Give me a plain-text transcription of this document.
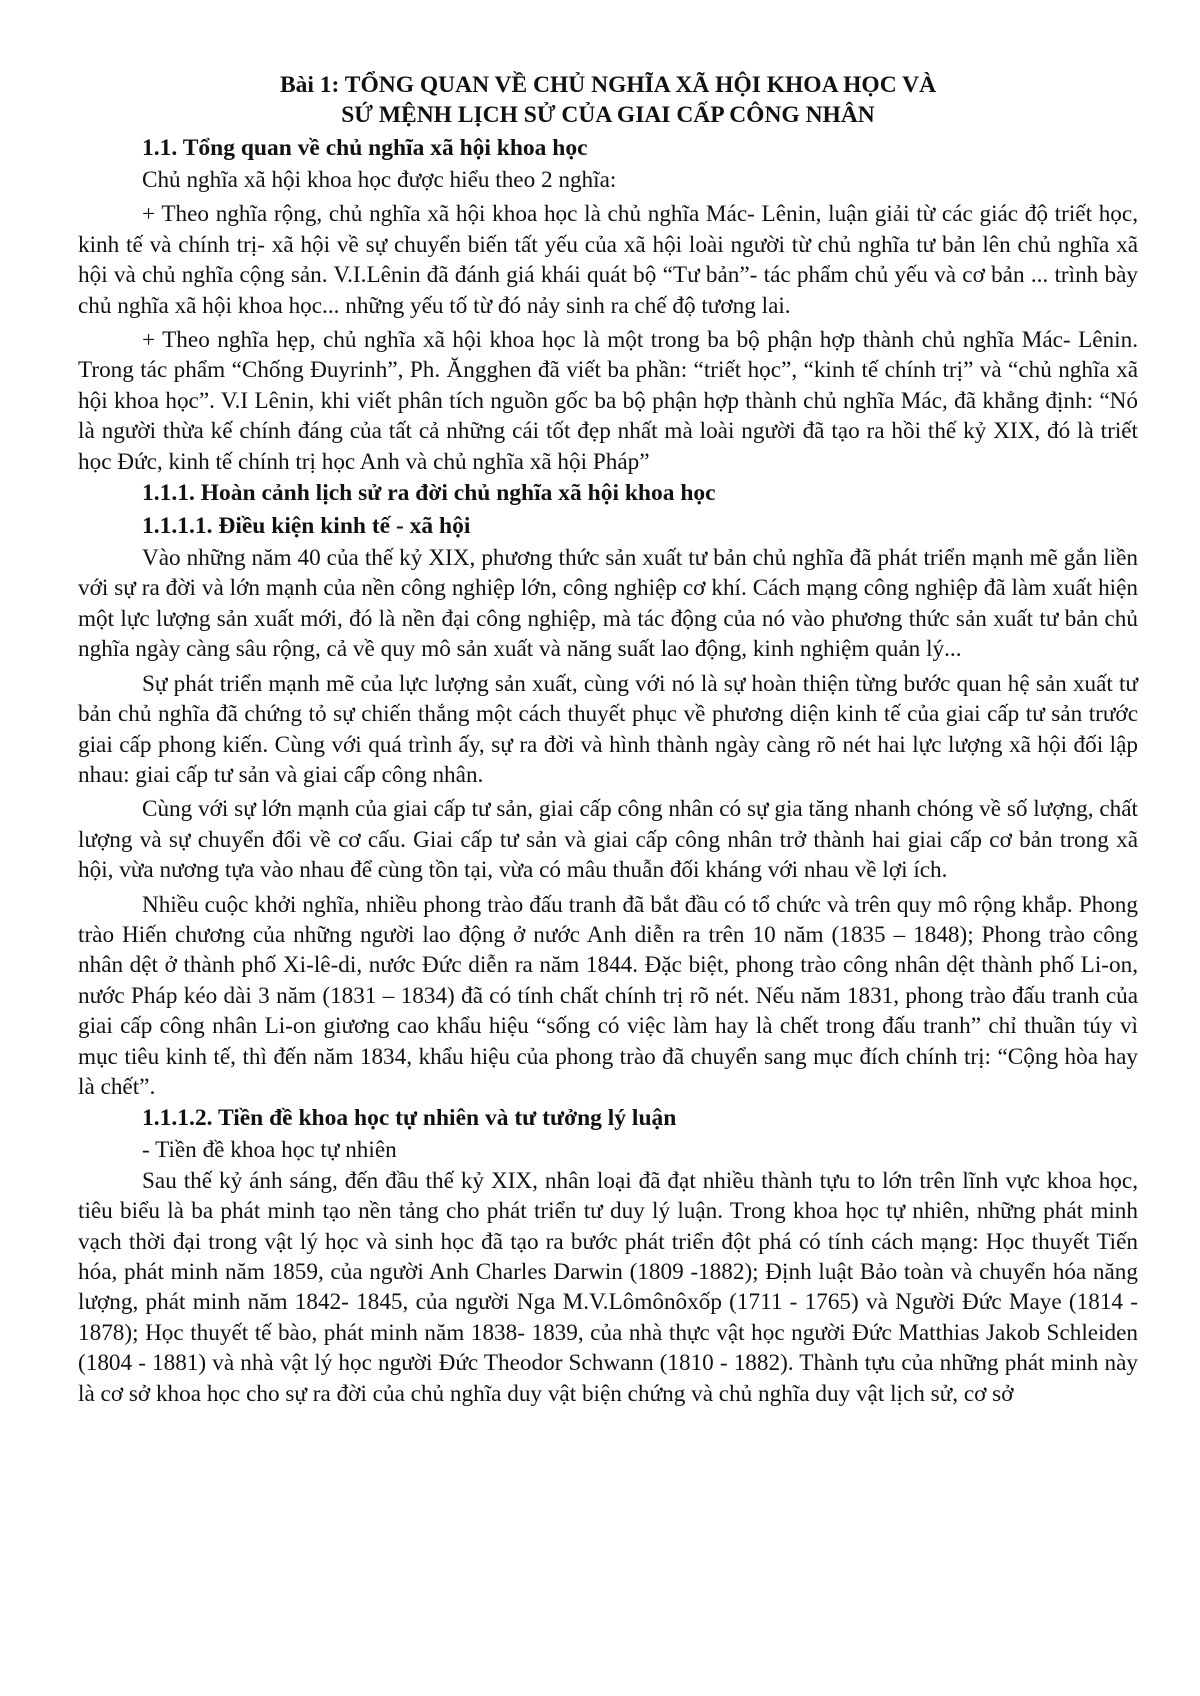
Bài 1: TỔNG QUAN VỀ CHỦ NGHĨA XÃ HỘI KHOA HỌC VÀ
SỨ MỆNH LỊCH SỬ CỦA GIAI CẤP CÔNG NHÂN
1.1. Tổng quan về chủ nghĩa xã hội khoa học

Chủ nghĩa xã hội khoa học được hiểu theo 2 nghĩa:

+ Theo nghĩa rộng, chủ nghĩa xã hội khoa học là chủ nghĩa Mác- Lênin, luận giải từ các giác độ triết học, kinh tế và chính trị- xã hội về sự chuyển biến tất yếu của xã hội loài người từ chủ nghĩa tư bản lên chủ nghĩa xã hội và chủ nghĩa cộng sản. V.I.Lênin đã đánh giá khái quát bộ “Tư bản”- tác phẩm chủ yếu và cơ bản ... trình bày chủ nghĩa xã hội khoa học... những yếu tố từ đó nảy sinh ra chế độ tương lai.

+ Theo nghĩa hẹp, chủ nghĩa xã hội khoa học là một trong ba bộ phận hợp thành chủ nghĩa Mác- Lênin. Trong tác phẩm “Chống Đuyrinh”, Ph. Ăngghen đã viết ba phần: “triết học”, “kinh tế chính trị” và “chủ nghĩa xã hội khoa học”. V.I Lênin, khi viết phân tích nguồn gốc ba bộ phận hợp thành chủ nghĩa Mác, đã khẳng định: “Nó là người thừa kế chính đáng của tất cả những cái tốt đẹp nhất mà loài người đã tạo ra hồi thế kỷ XIX, đó là triết học Đức, kinh tế chính trị học Anh và chủ nghĩa xã hội Pháp”

1.1.1. Hoàn cảnh lịch sử ra đời chủ nghĩa xã hội khoa học
1.1.1.1. Điều kiện kinh tế - xã hội

Vào những năm 40 của thế kỷ XIX, phương thức sản xuất tư bản chủ nghĩa đã phát triển mạnh mẽ gắn liền với sự ra đời và lớn mạnh của nền công nghiệp lớn, công nghiệp cơ khí. Cách mạng công nghiệp đã làm xuất hiện một lực lượng sản xuất mới, đó là nền đại công nghiệp, mà tác động của nó vào phương thức sản xuất tư bản chủ nghĩa ngày càng sâu rộng, cả về quy mô sản xuất và năng suất lao động, kinh nghiệm quản lý...

Sự phát triển mạnh mẽ của lực lượng sản xuất, cùng với nó là sự hoàn thiện từng bước quan hệ sản xuất tư bản chủ nghĩa đã chứng tỏ sự chiến thắng một cách thuyết phục về phương diện kinh tế của giai cấp tư sản trước giai cấp phong kiến. Cùng với quá trình ấy, sự ra đời và hình thành ngày càng rõ nét hai lực lượng xã hội đối lập nhau: giai cấp tư sản và giai cấp công nhân.

Cùng với sự lớn mạnh của giai cấp tư sản, giai cấp công nhân có sự gia tăng nhanh chóng về số lượng, chất lượng và sự chuyển đổi về cơ cấu. Giai cấp tư sản và giai cấp công nhân trở thành hai giai cấp cơ bản trong xã hội, vừa nương tựa vào nhau để cùng tồn tại, vừa có mâu thuẫn đối kháng với nhau về lợi ích.

Nhiều cuộc khởi nghĩa, nhiều phong trào đấu tranh đã bắt đầu có tổ chức và trên quy mô rộng khắp. Phong trào Hiến chương của những người lao động ở nước Anh diễn ra trên 10 năm (1835 – 1848); Phong trào công nhân dệt ở thành phố Xi-lê-di, nước Đức diễn ra năm 1844. Đặc biệt, phong trào công nhân dệt thành phố Li-on, nước Pháp kéo dài 3 năm (1831 – 1834) đã có tính chất chính trị rõ nét. Nếu năm 1831, phong trào đấu tranh của giai cấp công nhân Li-on giương cao khẩu hiệu “sống có việc làm hay là chết trong đấu tranh” chỉ thuần túy vì mục tiêu kinh tế, thì đến năm 1834, khẩu hiệu của phong trào đã chuyển sang mục đích chính trị: “Cộng hòa hay là chết”.

1.1.1.2. Tiền đề khoa học tự nhiên và tư tưởng lý luận

- Tiền đề khoa học tự nhiên

Sau thế kỷ ánh sáng, đến đầu thế kỷ XIX, nhân loại đã đạt nhiều thành tựu to lớn trên lĩnh vực khoa học, tiêu biểu là ba phát minh tạo nền tảng cho phát triển tư duy lý luận. Trong khoa học tự nhiên, những phát minh vạch thời đại trong vật lý học và sinh học đã tạo ra bước phát triển đột phá có tính cách mạng: Học thuyết Tiến hóa, phát minh năm 1859, của người Anh Charles Darwin (1809 -1882); Định luật Bảo toàn và chuyển hóa năng lượng, phát minh năm 1842- 1845, của người Nga M.V.Lômônôxốp (1711 - 1765) và Người Đức Maye (1814 - 1878); Học thuyết tế bào, phát minh năm 1838- 1839, của nhà thực vật học người Đức Matthias Jakob Schleiden (1804 - 1881) và nhà vật lý học người Đức Theodor Schwann (1810 - 1882). Thành tựu của những phát minh này là cơ sở khoa học cho sự ra đời của chủ nghĩa duy vật biện chứng và chủ nghĩa duy vật lịch sử, cơ sở
